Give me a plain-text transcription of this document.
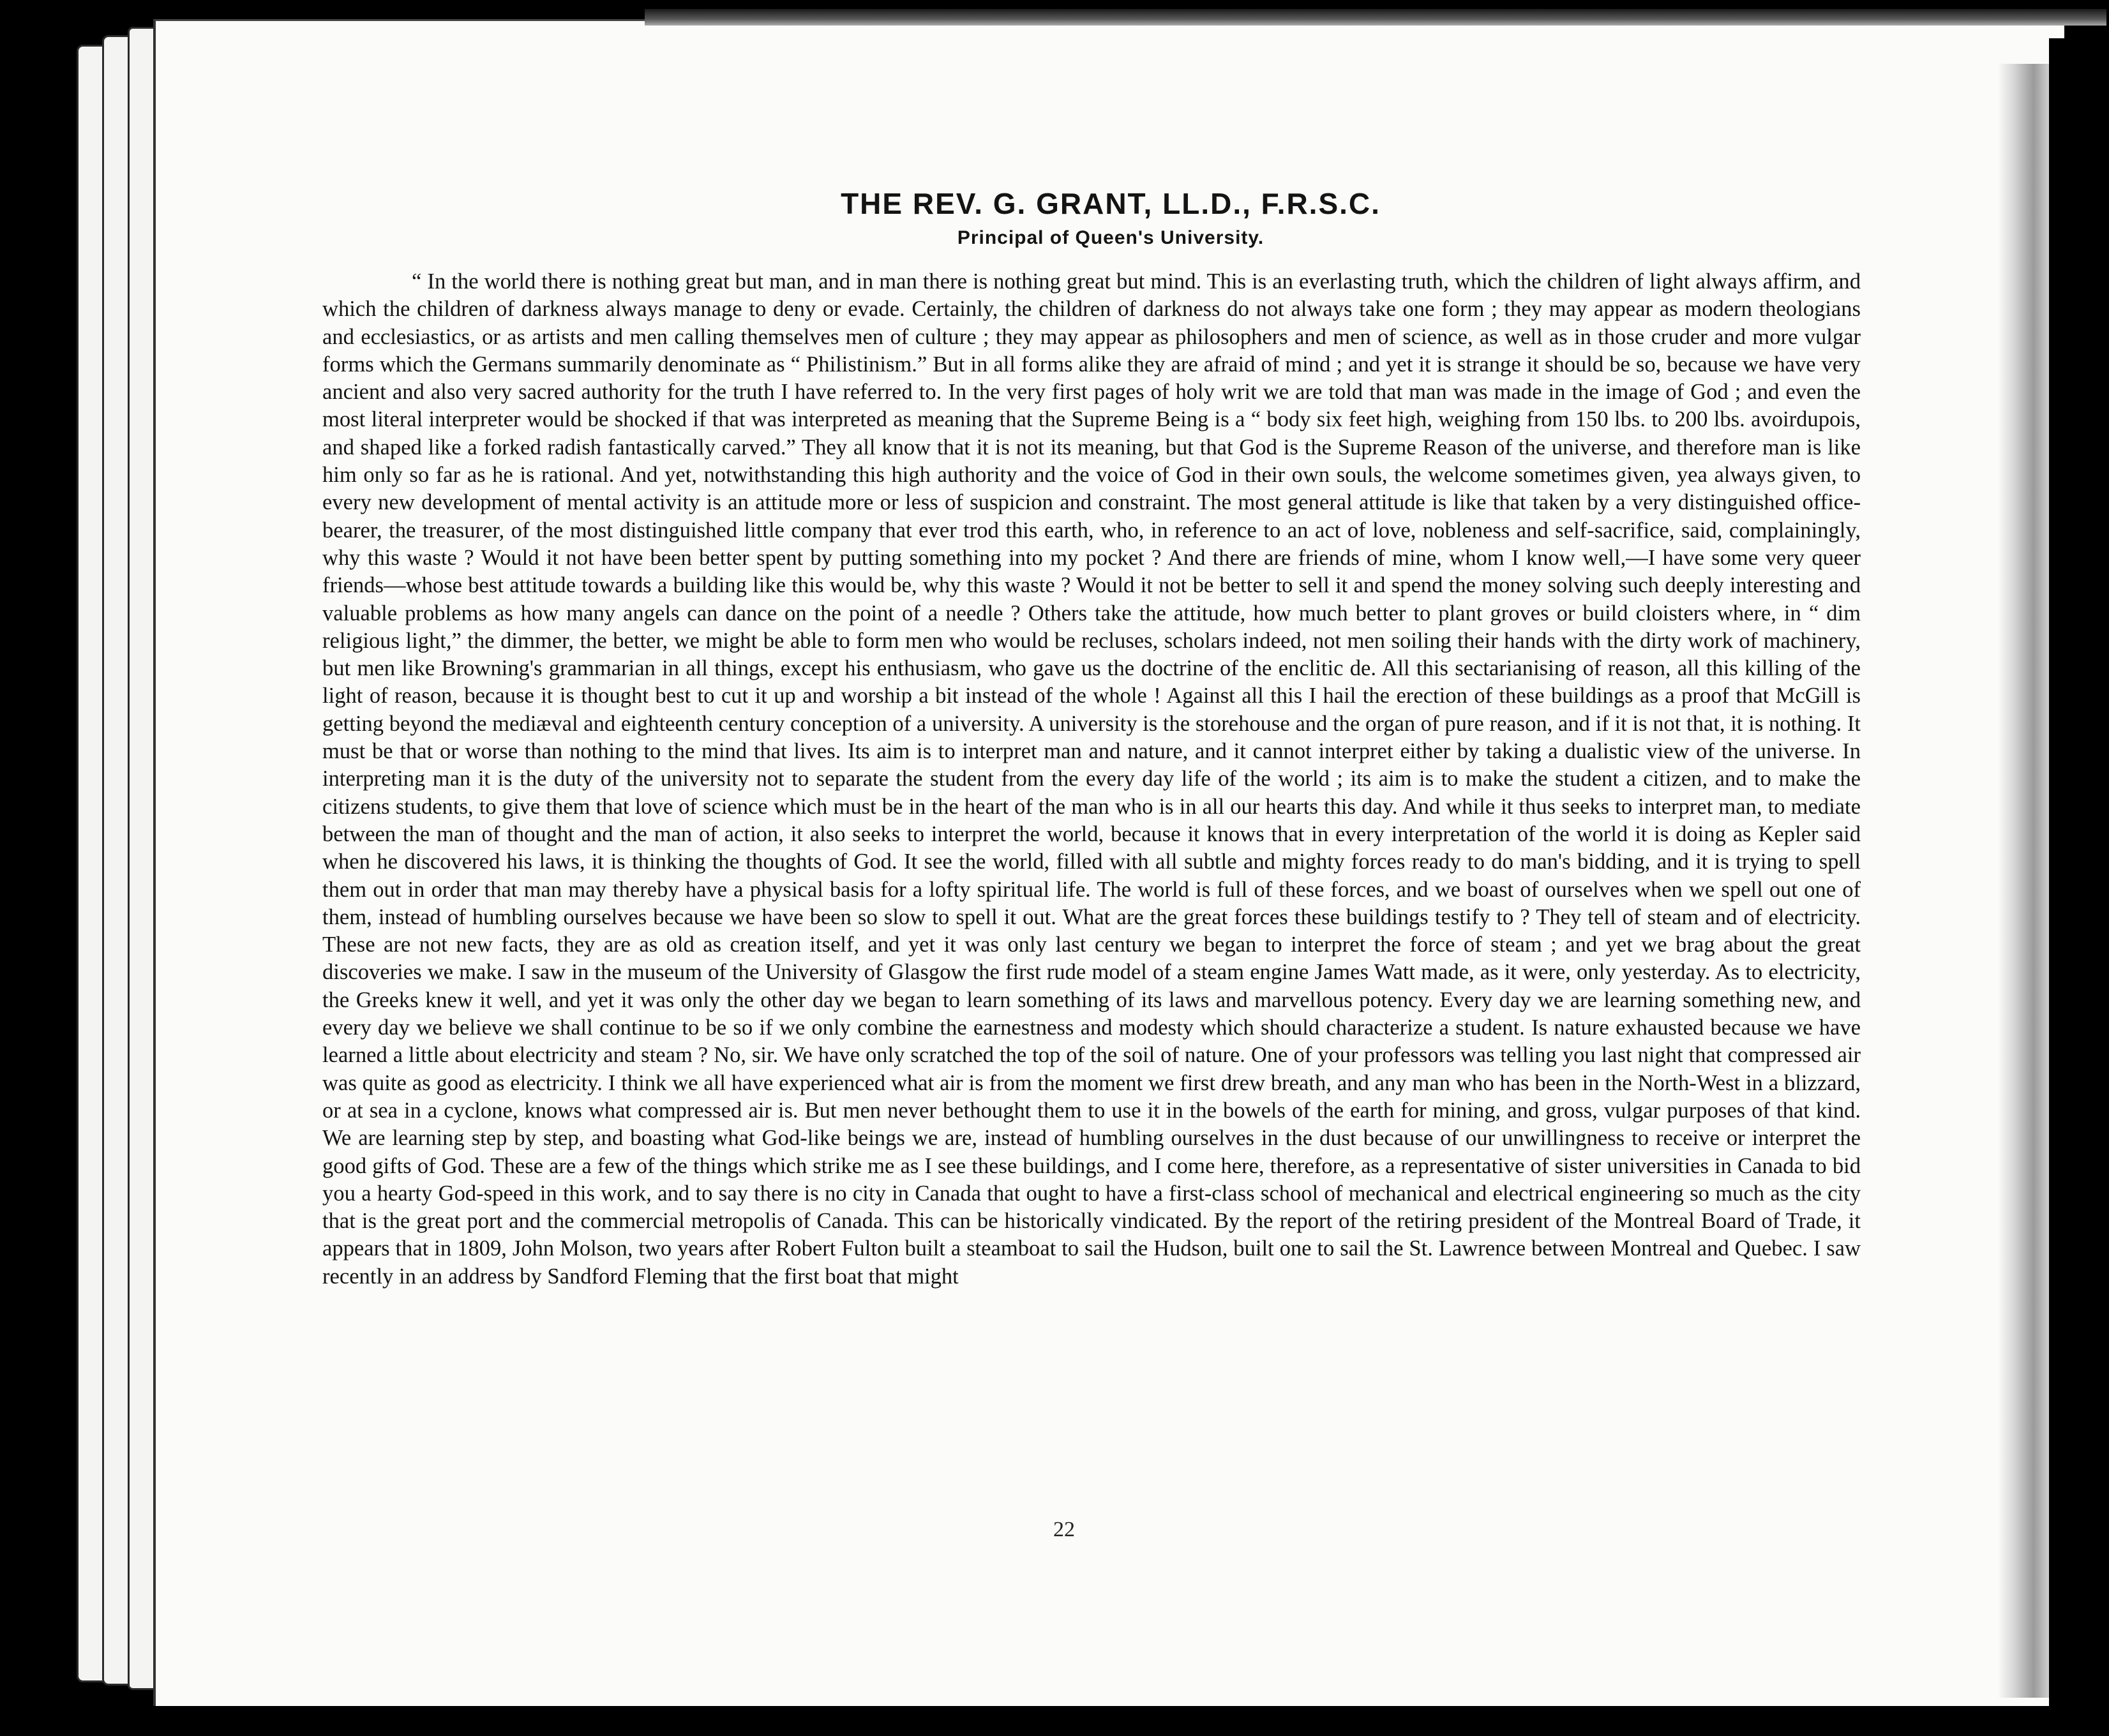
THE REV. G. GRANT, LL.D., F.R.S.C.
Principal of Queen's University.

“ In the world there is nothing great but man, and in man there is nothing great but mind. This is an everlasting truth, which the children of light always affirm, and which the children of darkness always manage to deny or evade. Certainly, the children of darkness do not always take one form ; they may appear as modern theologians and ecclesiastics, or as artists and men calling themselves men of culture ; they may appear as philosophers and men of science, as well as in those cruder and more vulgar forms which the Germans summarily denominate as “ Philistinism.” But in all forms alike they are afraid of mind ; and yet it is strange it should be so, because we have very ancient and also very sacred authority for the truth I have referred to. In the very first pages of holy writ we are told that man was made in the image of God ; and even the most literal interpreter would be shocked if that was interpreted as meaning that the Supreme Being is a “ body six feet high, weighing from 150 lbs. to 200 lbs. avoirdupois, and shaped like a forked radish fantastically carved.” They all know that it is not its meaning, but that God is the Supreme Reason of the universe, and therefore man is like him only so far as he is rational. And yet, notwithstanding this high authority and the voice of God in their own souls, the welcome sometimes given, yea always given, to every new development of mental activity is an attitude more or less of suspicion and constraint. The most general attitude is like that taken by a very distinguished office-bearer, the treasurer, of the most distinguished little company that ever trod this earth, who, in reference to an act of love, nobleness and self-sacrifice, said, complainingly, why this waste ? Would it not have been better spent by putting something into my pocket ? And there are friends of mine, whom I know well,—I have some very queer friends—whose best attitude towards a building like this would be, why this waste ? Would it not be better to sell it and spend the money solving such deeply interesting and valuable problems as how many angels can dance on the point of a needle ? Others take the attitude, how much better to plant groves or build cloisters where, in “ dim religious light,” the dimmer, the better, we might be able to form men who would be recluses, scholars indeed, not men soiling their hands with the dirty work of machinery, but men like Browning's grammarian in all things, except his enthusiasm, who gave us the doctrine of the enclitic de. All this sectarianising of reason, all this killing of the light of reason, because it is thought best to cut it up and worship a bit instead of the whole ! Against all this I hail the erection of these buildings as a proof that McGill is getting beyond the mediæval and eighteenth century conception of a university. A university is the storehouse and the organ of pure reason, and if it is not that, it is nothing. It must be that or worse than nothing to the mind that lives. Its aim is to interpret man and nature, and it cannot interpret either by taking a dualistic view of the universe. In interpreting man it is the duty of the university not to separate the student from the every day life of the world ; its aim is to make the student a citizen, and to make the citizens students, to give them that love of science which must be in the heart of the man who is in all our hearts this day. And while it thus seeks to interpret man, to mediate between the man of thought and the man of action, it also seeks to interpret the world, because it knows that in every interpretation of the world it is doing as Kepler said when he discovered his laws, it is thinking the thoughts of God. It see the world, filled with all subtle and mighty forces ready to do man's bidding, and it is trying to spell them out in order that man may thereby have a physical basis for a lofty spiritual life. The world is full of these forces, and we boast of ourselves when we spell out one of them, instead of humbling ourselves because we have been so slow to spell it out. What are the great forces these buildings testify to ? They tell of steam and of electricity. These are not new facts, they are as old as creation itself, and yet it was only last century we began to interpret the force of steam ; and yet we brag about the great discoveries we make. I saw in the museum of the University of Glasgow the first rude model of a steam engine James Watt made, as it were, only yesterday. As to electricity, the Greeks knew it well, and yet it was only the other day we began to learn something of its laws and marvellous potency. Every day we are learning something new, and every day we believe we shall continue to be so if we only combine the earnestness and modesty which should characterize a student. Is nature exhausted because we have learned a little about electricity and steam ? No, sir. We have only scratched the top of the soil of nature. One of your professors was telling you last night that compressed air was quite as good as electricity. I think we all have experienced what air is from the moment we first drew breath, and any man who has been in the North-West in a blizzard, or at sea in a cyclone, knows what compressed air is. But men never bethought them to use it in the bowels of the earth for mining, and gross, vulgar purposes of that kind. We are learning step by step, and boasting what God-like beings we are, instead of humbling ourselves in the dust because of our unwillingness to receive or interpret the good gifts of God. These are a few of the things which strike me as I see these buildings, and I come here, therefore, as a representative of sister universities in Canada to bid you a hearty God-speed in this work, and to say there is no city in Canada that ought to have a first-class school of mechanical and electrical engineering so much as the city that is the great port and the commercial metropolis of Canada. This can be historically vindicated. By the report of the retiring president of the Montreal Board of Trade, it appears that in 1809, John Molson, two years after Robert Fulton built a steamboat to sail the Hudson, built one to sail the St. Lawrence between Montreal and Quebec. I saw recently in an address by Sandford Fleming that the first boat that might

22
